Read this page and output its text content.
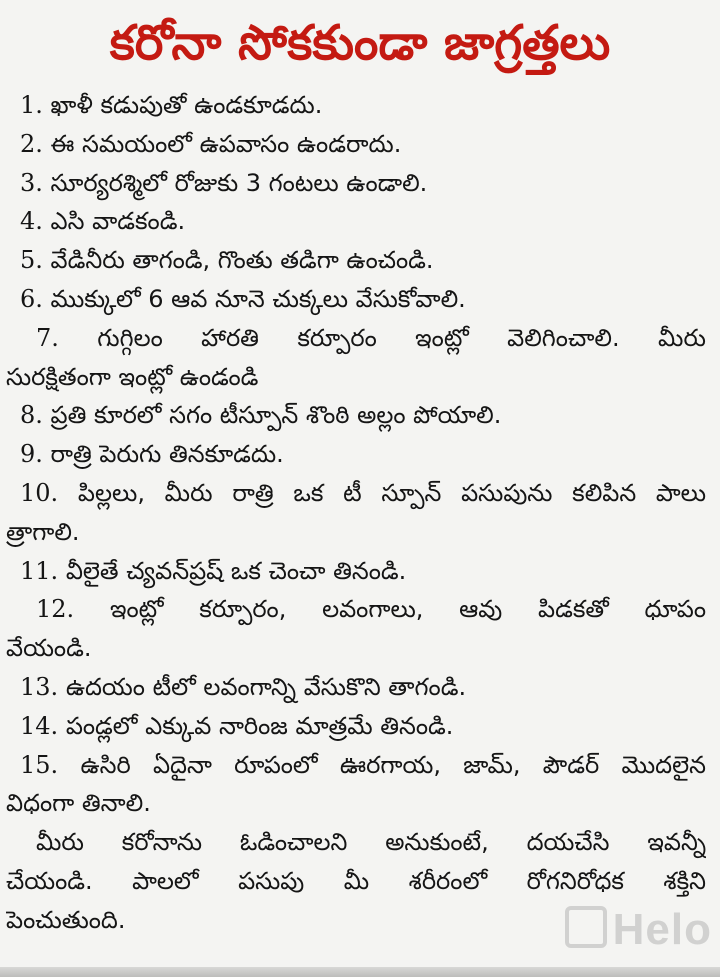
కరోనా సోకకుండా జాగ్రత్తలు

1. ఖాళీ కడుపుతో ఉండకూడదు.

2. ఈ సమయంలో ఉపవాసం ఉండరాదు.

3. సూర్యరశ్మిలో రోజుకు 3 గంటలు ఉండాలి.

4. ఎసి వాడకండి.

5. వేడినీరు తాగండి, గొంతు తడిగా ఉంచండి.

6. ముక్కులో 6 ఆవ నూనె చుక్కలు వేసుకోవాలి.

7. గుగ్గిలం హారతి కర్పూరం ఇంట్లో వెలిగించాలి. మీరు

సురక్షితంగా ఇంట్లో ఉండండి

8. ప్రతి కూరలో సగం టీస్పూన్ శొంఠి అల్లం పోయాలి.

9. రాత్రి పెరుగు తినకూడదు.

10. పిల్లలు, మీరు రాత్రి ఒక టీ స్పూన్ పసుపును కలిపిన పాలు

త్రాగాలి.

11. వీలైతే చ్యవన్‌ప్రష్ ఒక చెంచా తినండి.

12. ఇంట్లో కర్పూరం, లవంగాలు, ఆవు పిడకతో ధూపం

వేయండి.

13. ఉదయం టీలో లవంగాన్ని వేసుకొని తాగండి.

14. పండ్లలో ఎక్కువ నారింజ మాత్రమే తినండి.

15. ఉసిరి ఏదైనా రూపంలో ఊరగాయ, జామ్, పౌడర్ మొదలైన

విధంగా తినాలి.

మీరు కరోనాను ఓడించాలని అనుకుంటే, దయచేసి ఇవన్నీ

చేయండి. పాలలో పసుపు మీ శరీరంలో రోగనిరోధక శక్తిని

పెంచుతుంది.	Helo
